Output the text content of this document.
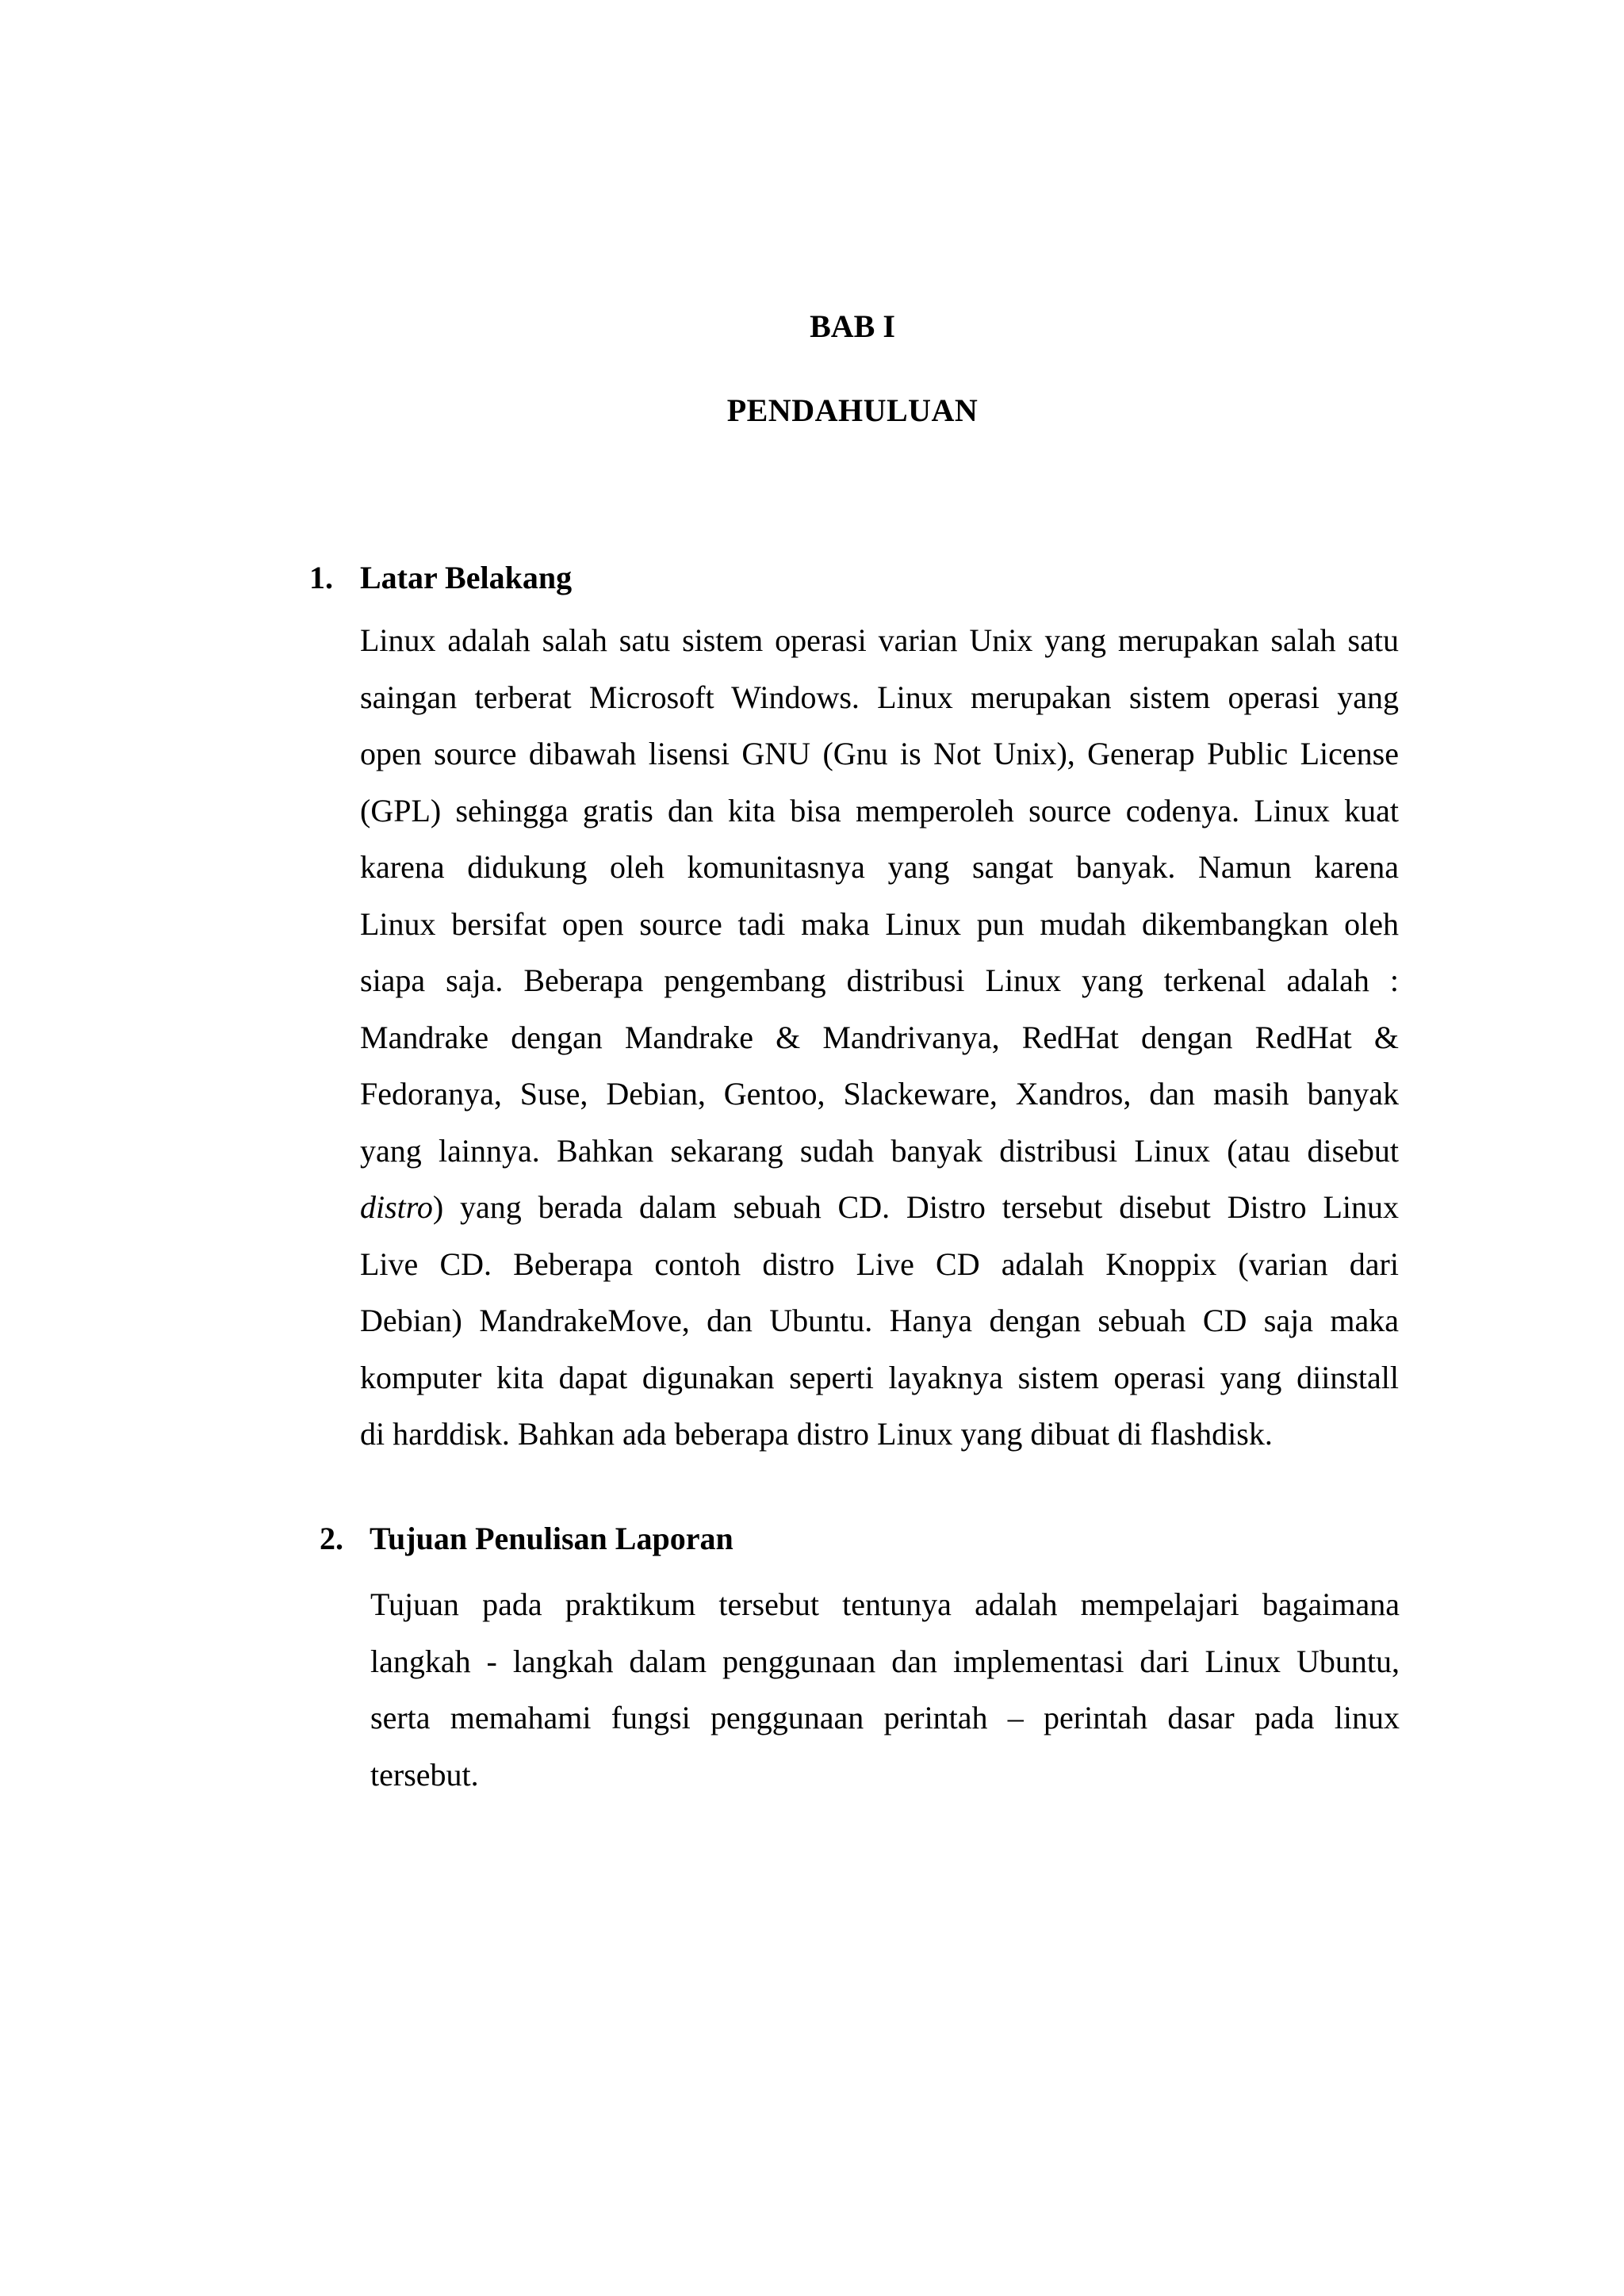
BAB I
PENDAHULUAN
1. Latar Belakang
Linux adalah salah satu sistem operasi varian Unix yang merupakan salah satu
saingan terberat Microsoft Windows. Linux merupakan sistem operasi yang
open source dibawah lisensi GNU (Gnu is Not Unix), Generap Public License
(GPL) sehingga gratis dan kita bisa memperoleh source codenya. Linux kuat
karena didukung oleh komunitasnya yang sangat banyak. Namun karena
Linux bersifat open source tadi maka Linux pun mudah dikembangkan oleh
siapa saja. Beberapa pengembang distribusi Linux yang terkenal adalah :
Mandrake dengan Mandrake & Mandrivanya, RedHat dengan RedHat &
Fedoranya, Suse, Debian, Gentoo, Slackeware, Xandros, dan masih banyak
yang lainnya. Bahkan sekarang sudah banyak distribusi Linux (atau disebut
distro) yang berada dalam sebuah CD. Distro tersebut disebut Distro Linux
Live CD. Beberapa contoh distro Live CD adalah Knoppix (varian dari
Debian) MandrakeMove, dan Ubuntu. Hanya dengan sebuah CD saja maka
komputer kita dapat digunakan seperti layaknya sistem operasi yang diinstall
di harddisk. Bahkan ada beberapa distro Linux yang dibuat di flashdisk.
2. Tujuan Penulisan Laporan
Tujuan pada praktikum tersebut tentunya adalah mempelajari bagaimana
langkah - langkah dalam penggunaan dan implementasi dari Linux Ubuntu,
serta memahami fungsi penggunaan perintah – perintah dasar pada linux
tersebut.
